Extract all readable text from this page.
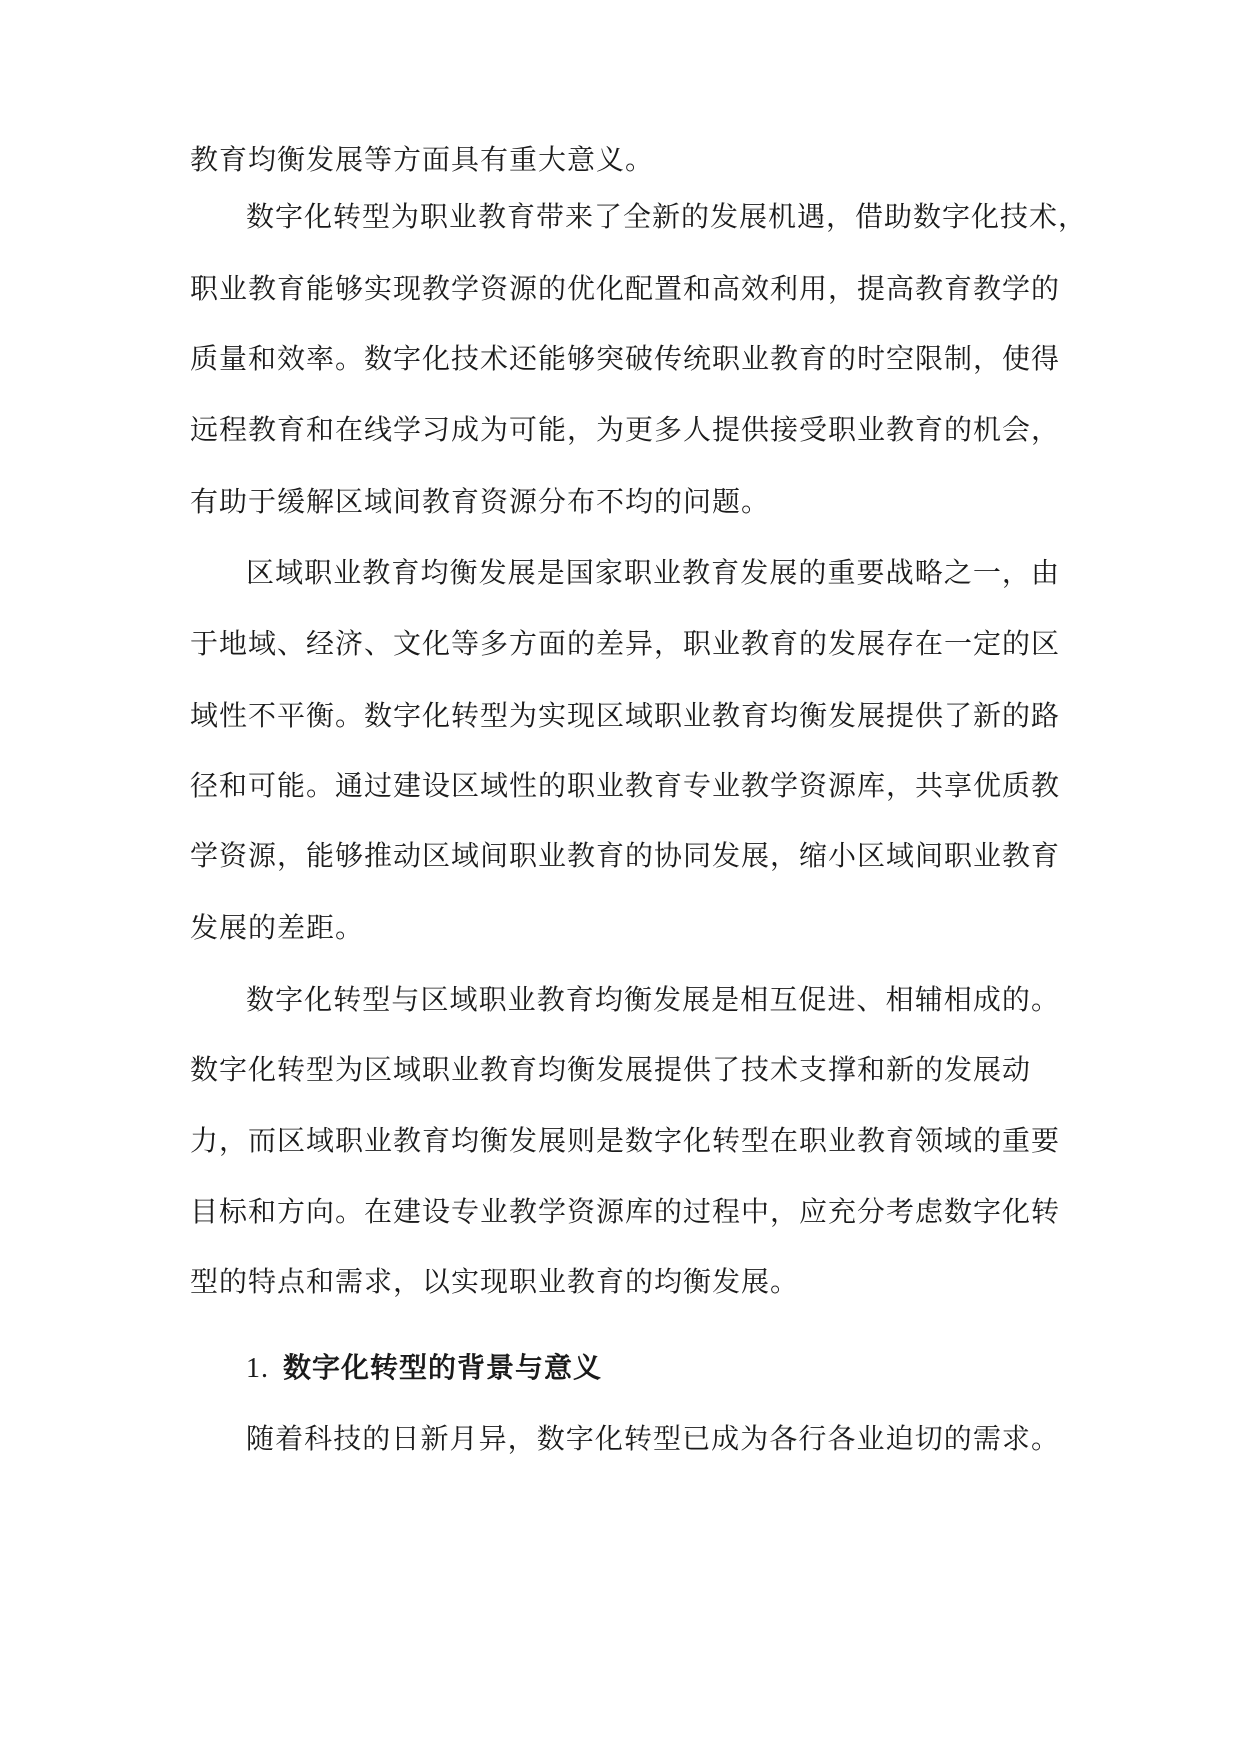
教育均衡发展等方面具有重大意义。
数字化转型为职业教育带来了全新的发展机遇，借助数字化技术，
职业教育能够实现教学资源的优化配置和高效利用，提高教育教学的
质量和效率。数字化技术还能够突破传统职业教育的时空限制，使得
远程教育和在线学习成为可能，为更多人提供接受职业教育的机会，
有助于缓解区域间教育资源分布不均的问题。
区域职业教育均衡发展是国家职业教育发展的重要战略之一，由
于地域、经济、文化等多方面的差异，职业教育的发展存在一定的区
域性不平衡。数字化转型为实现区域职业教育均衡发展提供了新的路
径和可能。通过建设区域性的职业教育专业教学资源库，共享优质教
学资源，能够推动区域间职业教育的协同发展，缩小区域间职业教育
发展的差距。
数字化转型与区域职业教育均衡发展是相互促进、相辅相成的。
数字化转型为区域职业教育均衡发展提供了技术支撑和新的发展动
力，而区域职业教育均衡发展则是数字化转型在职业教育领域的重要
目标和方向。在建设专业教学资源库的过程中，应充分考虑数字化转
型的特点和需求，以实现职业教育的均衡发展。
1. 数字化转型的背景与意义
随着科技的日新月异，数字化转型已成为各行各业迫切的需求。
